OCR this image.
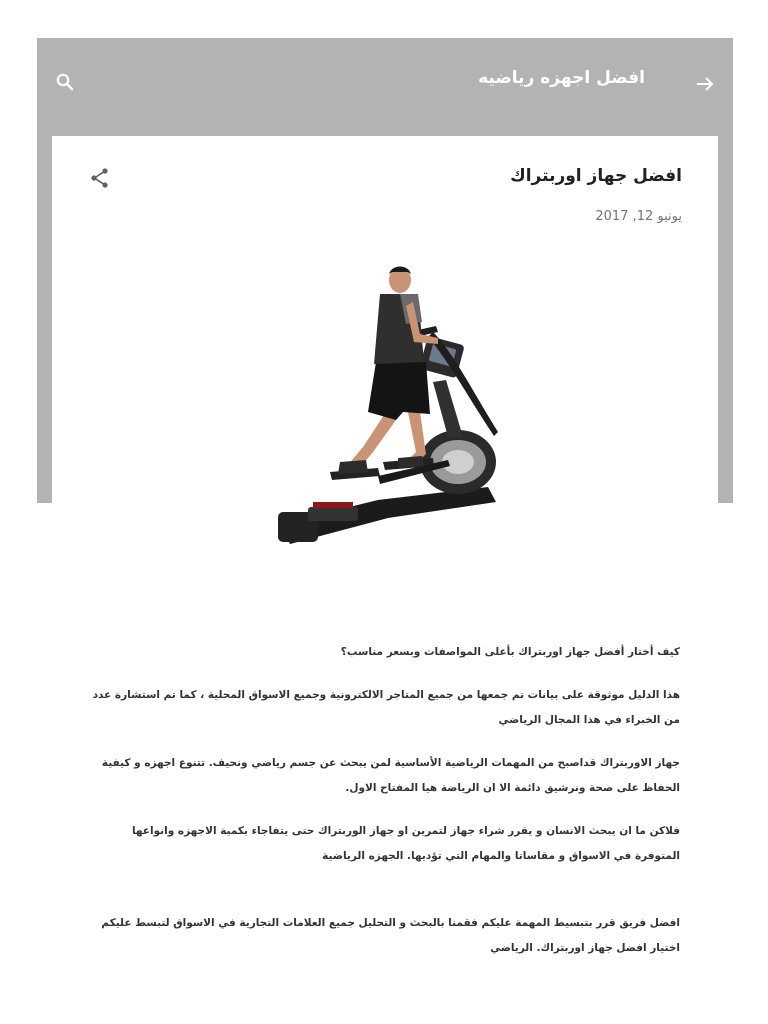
افضل اجهزه رياضيه
افضل جهاز اوربتراك
يونيو 12, 2017

كيف أختار أفضل جهاز اوربتراك بأعلى المواصفات وبسعر مناسب؟

هذا الدليل موثوقة على بيانات تم جمعها من جميع المتاجر الالكترونية وجميع الاسواق المحلية ، كما تم استشارة عدد من الخبراء في هذا المجال الرياضي

جهاز الاوربتراك قداصبح من المهمات الرياضية الأساسية لمن يبحث عن جسم رياضي ونحيف. تتنوع اجهزه و كيفية الحفاظ على صحة ونرشيق دائمة الا ان الرياضة هيا المفتاح الاول.

فلاكن ما ان يبحث الانسان و يقرر شراء جهاز لتمرين او جهاز الوربتراك حتى يتفاجاء بكمية الاجهزه وانواعها المتوفرة في الاسواق و مقاساتا والمهام التي تؤديها. الجهزه الرياضية

افضل فريق قرر بتبسيط المهمة عليكم فقمنا بالبحث و التحليل جميع العلامات التجارية في الاسواق لتبسط عليكم اختيار افضل جهاز اوربتراك. الرياضي
